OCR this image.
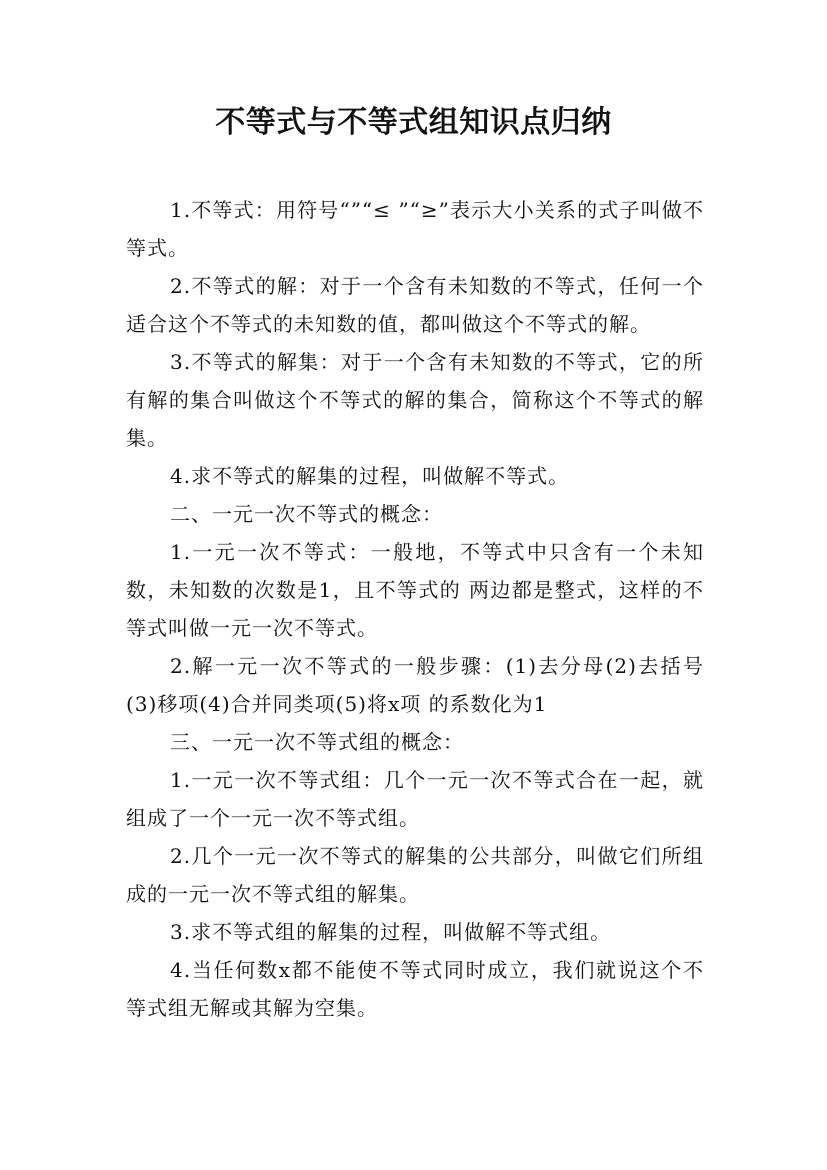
不等式与不等式组知识点归纳

1.不等式：用符号“”“≤ ”“≥”表示大小关系的式子叫做不等式。

2.不等式的解：对于一个含有未知数的不等式，任何一个适合这个不等式的未知数的值，都叫做这个不等式的解。

3.不等式的解集：对于一个含有未知数的不等式，它的所有解的集合叫做这个不等式的解的集合，简称这个不等式的解集。

4.求不等式的解集的过程，叫做解不等式。

二、一元一次不等式的概念：

1.一元一次不等式：一般地，不等式中只含有一个未知数，未知数的次数是1，且不等式的 两边都是整式，这样的不等式叫做一元一次不等式。

2.解一元一次不等式的一般步骤：(1)去分母(2)去括号(3)移项(4)合并同类项(5)将x项 的系数化为1

三、一元一次不等式组的概念：

1.一元一次不等式组：几个一元一次不等式合在一起，就组成了一个一元一次不等式组。

2.几个一元一次不等式的解集的公共部分，叫做它们所组成的一元一次不等式组的解集。

3.求不等式组的解集的过程，叫做解不等式组。

4.当任何数x都不能使不等式同时成立，我们就说这个不等式组无解或其解为空集。
